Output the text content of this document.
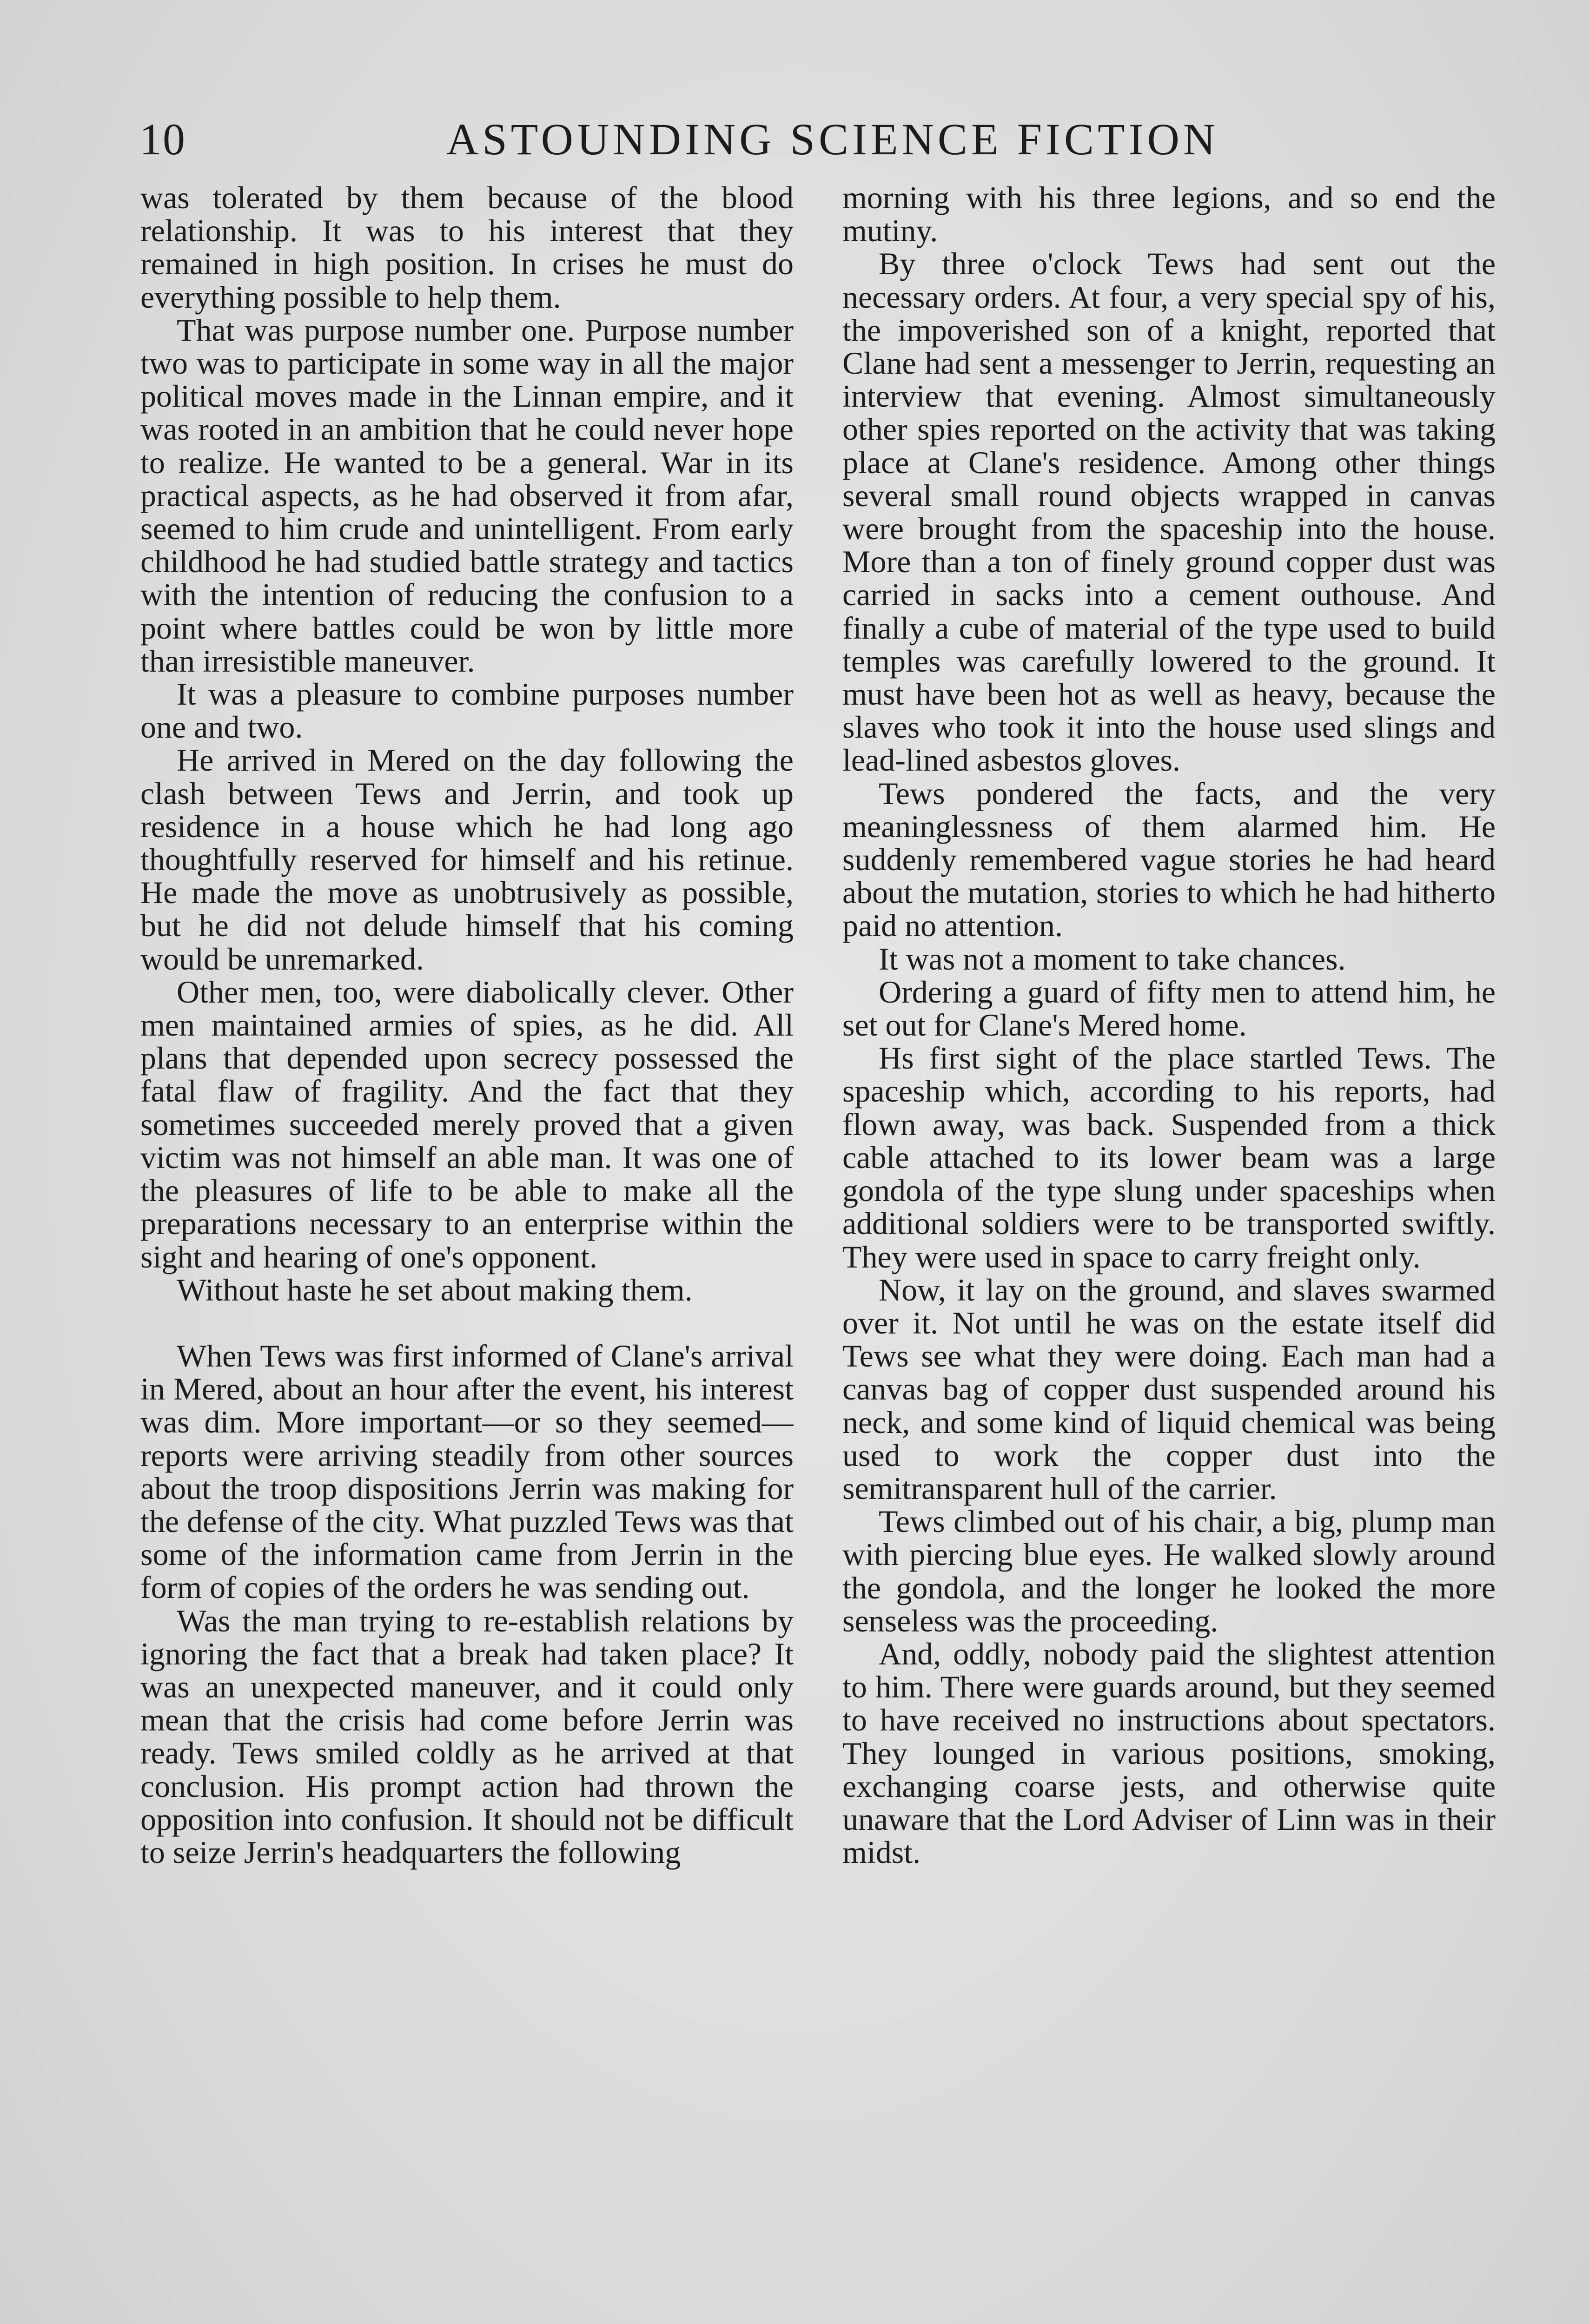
10	ASTOUNDING SCIENCE FICTION

was tolerated by them because of the blood relationship. It was to his interest that they remained in high position. In crises he must do everything possible to help them.

That was purpose number one. Purpose number two was to participate in some way in all the major political moves made in the Linnan empire, and it was rooted in an ambition that he could never hope to realize. He wanted to be a general. War in its practical aspects, as he had observed it from afar, seemed to him crude and unintelligent. From early childhood he had studied battle strategy and tactics with the intention of reducing the confusion to a point where battles could be won by little more than irresistible maneuver.

It was a pleasure to combine purposes number one and two.

He arrived in Mered on the day following the clash between Tews and Jerrin, and took up residence in a house which he had long ago thoughtfully reserved for himself and his retinue. He made the move as unobtrusively as possible, but he did not delude himself that his coming would be unremarked.

Other men, too, were diabolically clever. Other men maintained armies of spies, as he did. All plans that depended upon secrecy possessed the fatal flaw of fragility. And the fact that they sometimes succeeded merely proved that a given victim was not himself an able man. It was one of the pleasures of life to be able to make all the preparations necessary to an enterprise within the sight and hearing of one's opponent.

Without haste he set about making them.

When Tews was first informed of Clane's arrival in Mered, about an hour after the event, his interest was dim. More important—or so they seemed—reports were arriving steadily from other sources about the troop dispositions Jerrin was making for the defense of the city. What puzzled Tews was that some of the information came from Jerrin in the form of copies of the orders he was sending out.

Was the man trying to re-establish relations by ignoring the fact that a break had taken place? It was an unexpected maneuver, and it could only mean that the crisis had come before Jerrin was ready. Tews smiled coldly as he arrived at that conclusion. His prompt action had thrown the opposition into confusion. It should not be difficult to seize Jerrin's headquarters the following

morning with his three legions, and so end the mutiny.

By three o'clock Tews had sent out the necessary orders. At four, a very special spy of his, the impoverished son of a knight, reported that Clane had sent a messenger to Jerrin, requesting an interview that evening. Almost simultaneously other spies reported on the activity that was taking place at Clane's residence. Among other things several small round objects wrapped in canvas were brought from the spaceship into the house. More than a ton of finely ground copper dust was carried in sacks into a cement outhouse. And finally a cube of material of the type used to build temples was carefully lowered to the ground. It must have been hot as well as heavy, because the slaves who took it into the house used slings and lead-lined asbestos gloves.

Tews pondered the facts, and the very meaninglessness of them alarmed him. He suddenly remembered vague stories he had heard about the mutation, stories to which he had hitherto paid no attention.

It was not a moment to take chances.

Ordering a guard of fifty men to attend him, he set out for Clane's Mered home.

Hs first sight of the place startled Tews. The spaceship which, according to his reports, had flown away, was back. Suspended from a thick cable attached to its lower beam was a large gondola of the type slung under spaceships when additional soldiers were to be transported swiftly. They were used in space to carry freight only.

Now, it lay on the ground, and slaves swarmed over it. Not until he was on the estate itself did Tews see what they were doing. Each man had a canvas bag of copper dust suspended around his neck, and some kind of liquid chemical was being used to work the copper dust into the semitransparent hull of the carrier.

Tews climbed out of his chair, a big, plump man with piercing blue eyes. He walked slowly around the gondola, and the longer he looked the more senseless was the proceeding.

And, oddly, nobody paid the slightest attention to him. There were guards around, but they seemed to have received no instructions about spectators. They lounged in various positions, smoking, exchanging coarse jests, and otherwise quite unaware that the Lord Adviser of Linn was in their midst.
